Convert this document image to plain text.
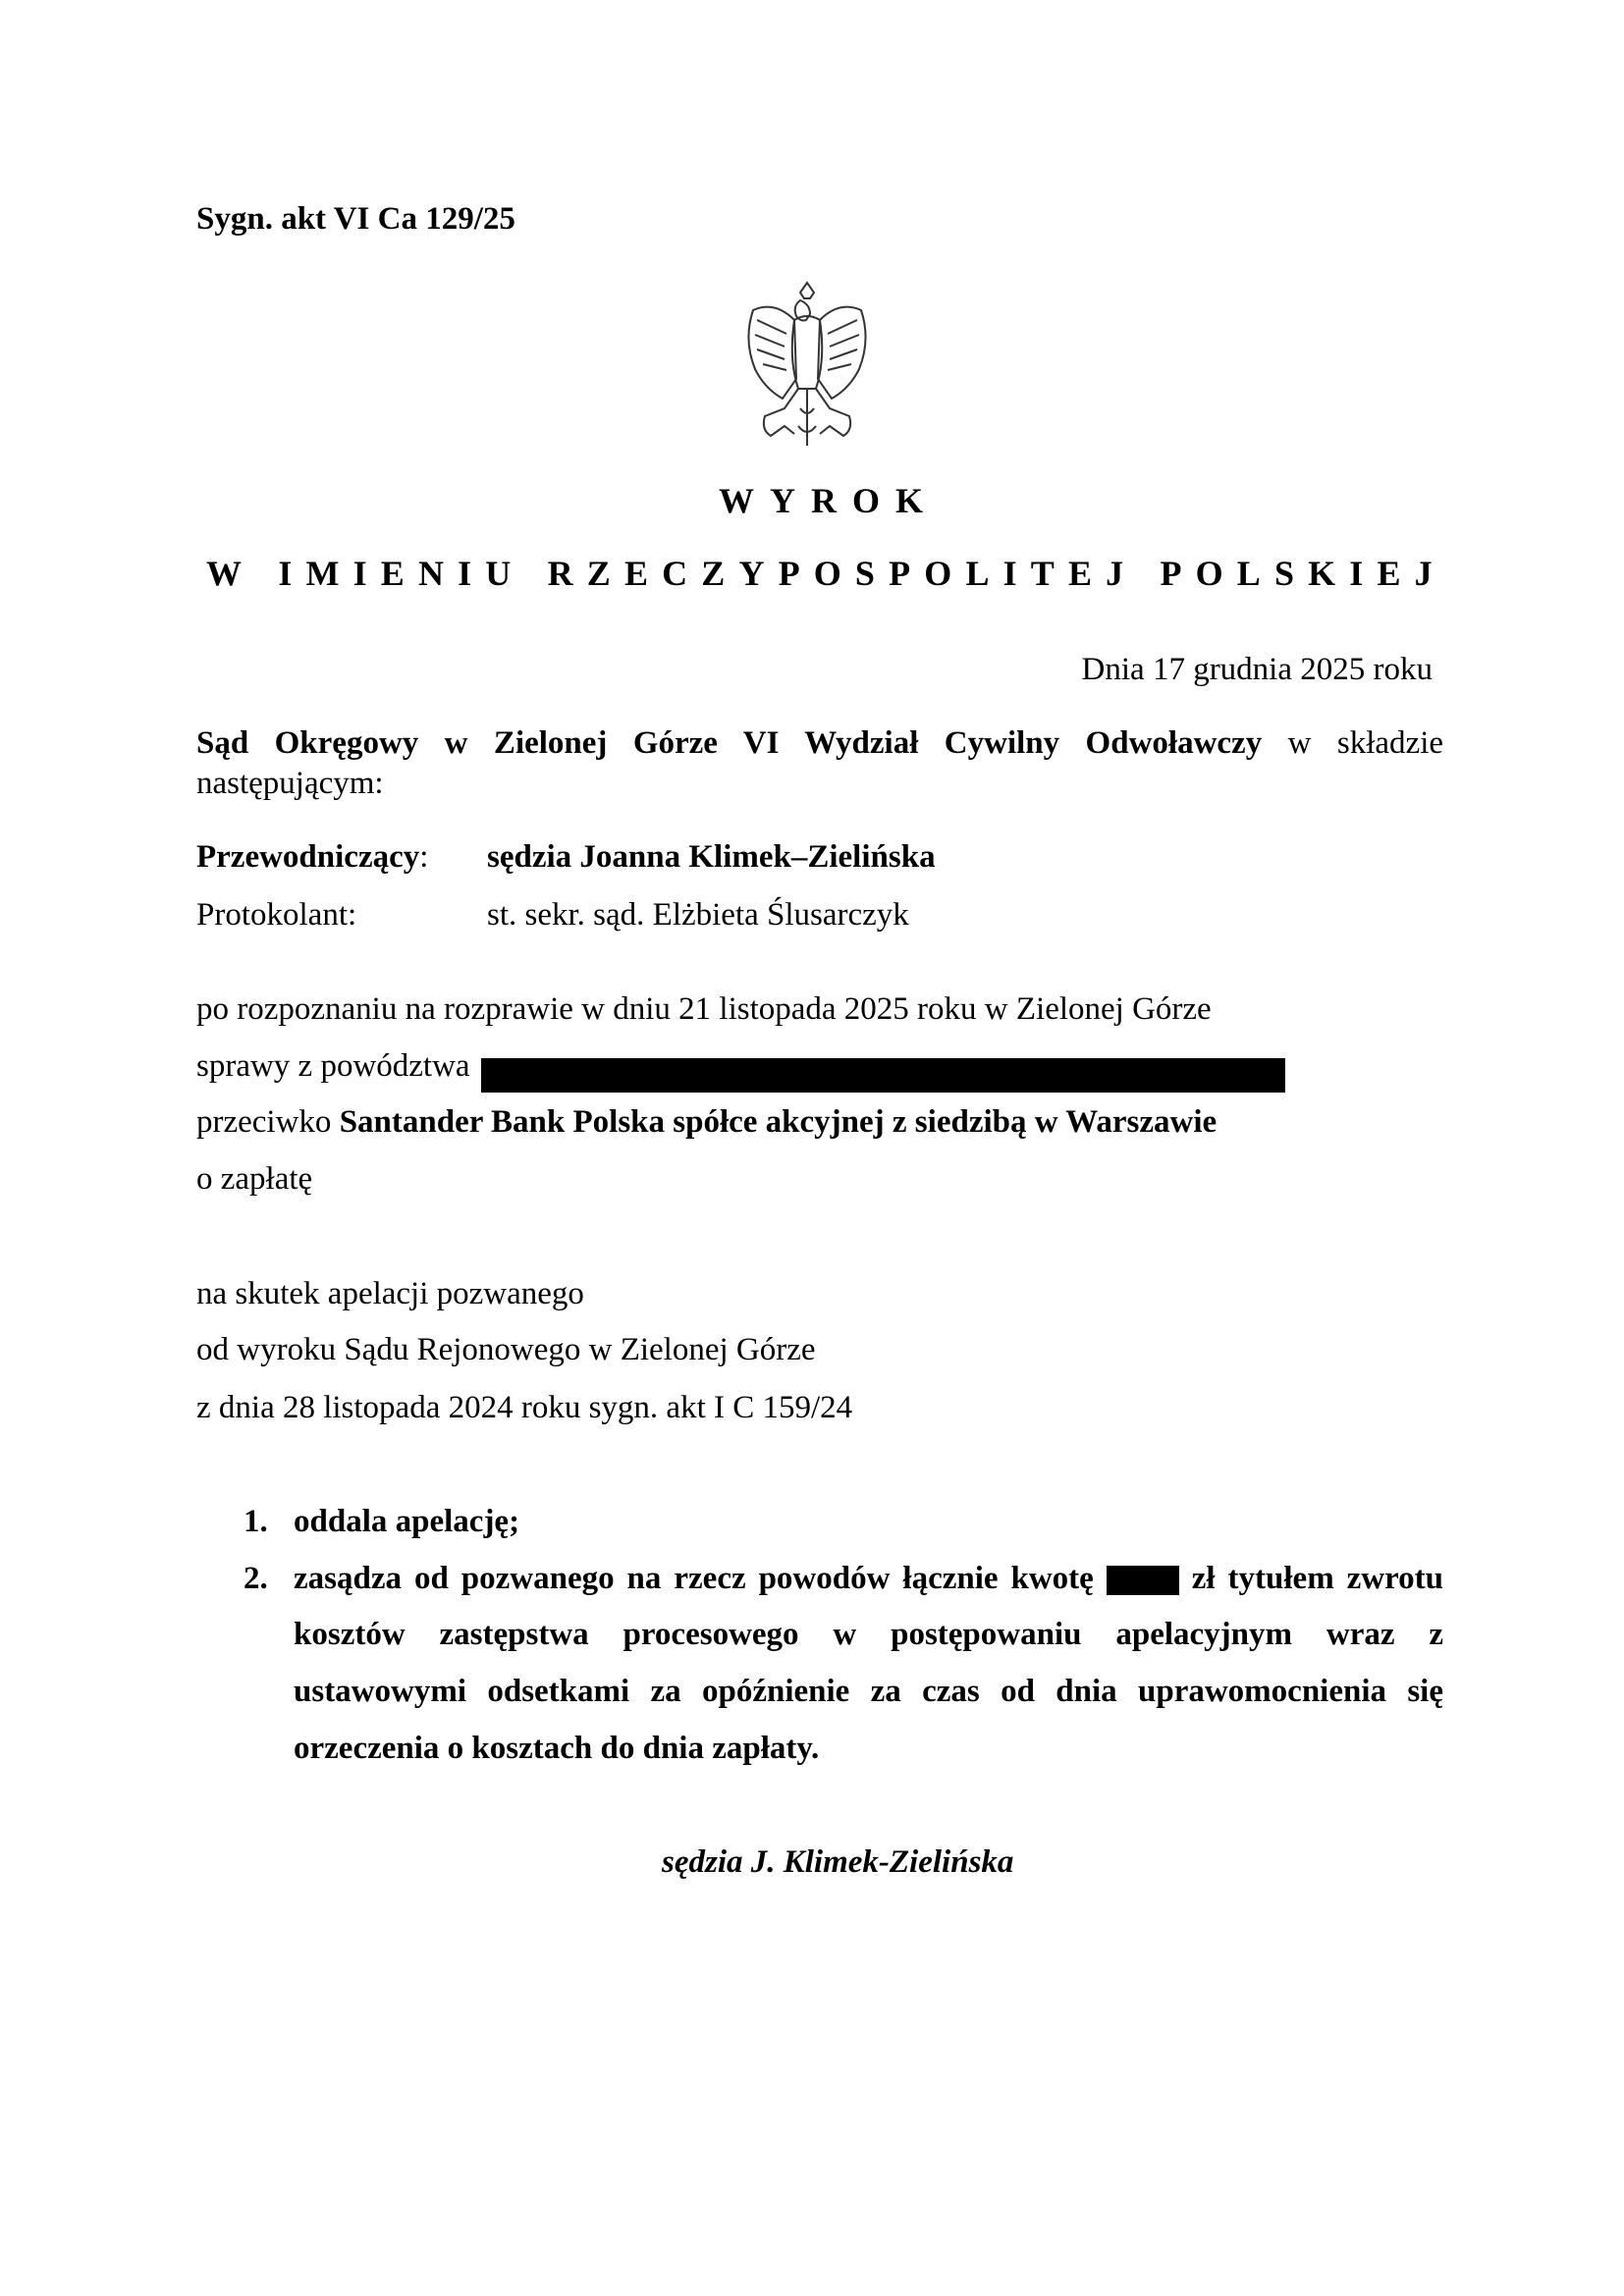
Sygn. akt VI Ca 129/25
W Y R O K
W
I M I E N I U
R Z E C Z Y P O S P O L I T E J
P O L S K I E J
Dnia 17 grudnia 2025 roku
Sąd Okręgowy w Zielonej Górze VI Wydział Cywilny Odwoławczy w składzie
następującym:
Przewodniczący: sędzia Joanna Klimek–Zielińska
Protokolant:	st. sekr. sąd. Elżbieta Ślusarczyk
po rozpoznaniu na rozprawie w dniu 21 listopada 2025 roku w Zielonej Górze
sprawy z powództwa
przeciwko Santander Bank Polska spółce akcyjnej z siedzibą w Warszawie
o zapłatę
na skutek apelacji pozwanego
od wyroku Sądu Rejonowego w Zielonej Górze
z dnia 28 listopada 2024 roku sygn. akt I C 159/24
1. oddala apelację;
2. zasądza od pozwanego na rzecz powodów łącznie kwotę	zł tytułem zwrotu
kosztów zastępstwa procesowego w postępowaniu apelacyjnym wraz z
ustawowymi odsetkami za opóźnienie za czas od dnia uprawomocnienia się
orzeczenia o kosztach do dnia zapłaty.
sędzia J. Klimek-Zielińska
